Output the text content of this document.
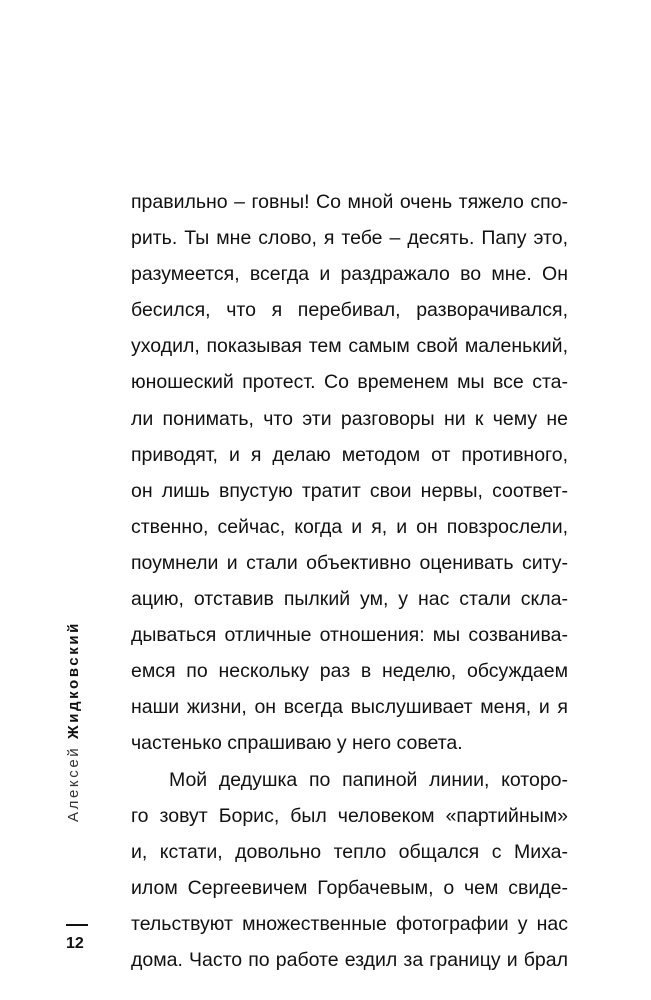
правильно – говны! Со мной очень тяжело спо-
рить. Ты мне слово, я тебе – десять. Папу это,
разумеется, всегда и раздражало во мне. Он
бесился, что я перебивал, разворачивался,
уходил, показывая тем самым свой маленький,
юношеский протест. Со временем мы все ста-
ли понимать, что эти разговоры ни к чему не
приводят, и я делаю методом от противного,
он лишь впустую тратит свои нервы, соответ-
ственно, сейчас, когда и я, и он повзрослели,
поумнели и стали объективно оценивать ситу-
ацию, отставив пылкий ум, у нас стали скла-
дываться отличные отношения: мы созванива-
емся по нескольку раз в неделю, обсуждаем
наши жизни, он всегда выслушивает меня, и я
частенько спрашиваю у него совета.
Мой дедушка по папиной линии, которо-
го зовут Борис, был человеком «партийным»
и, кстати, довольно тепло общался с Миха-
илом Сергеевичем Горбачевым, о чем свиде-
тельствуют множественные фотографии у нас
дома. Часто по работе ездил за границу и брал
Алексей Жидковский
12
